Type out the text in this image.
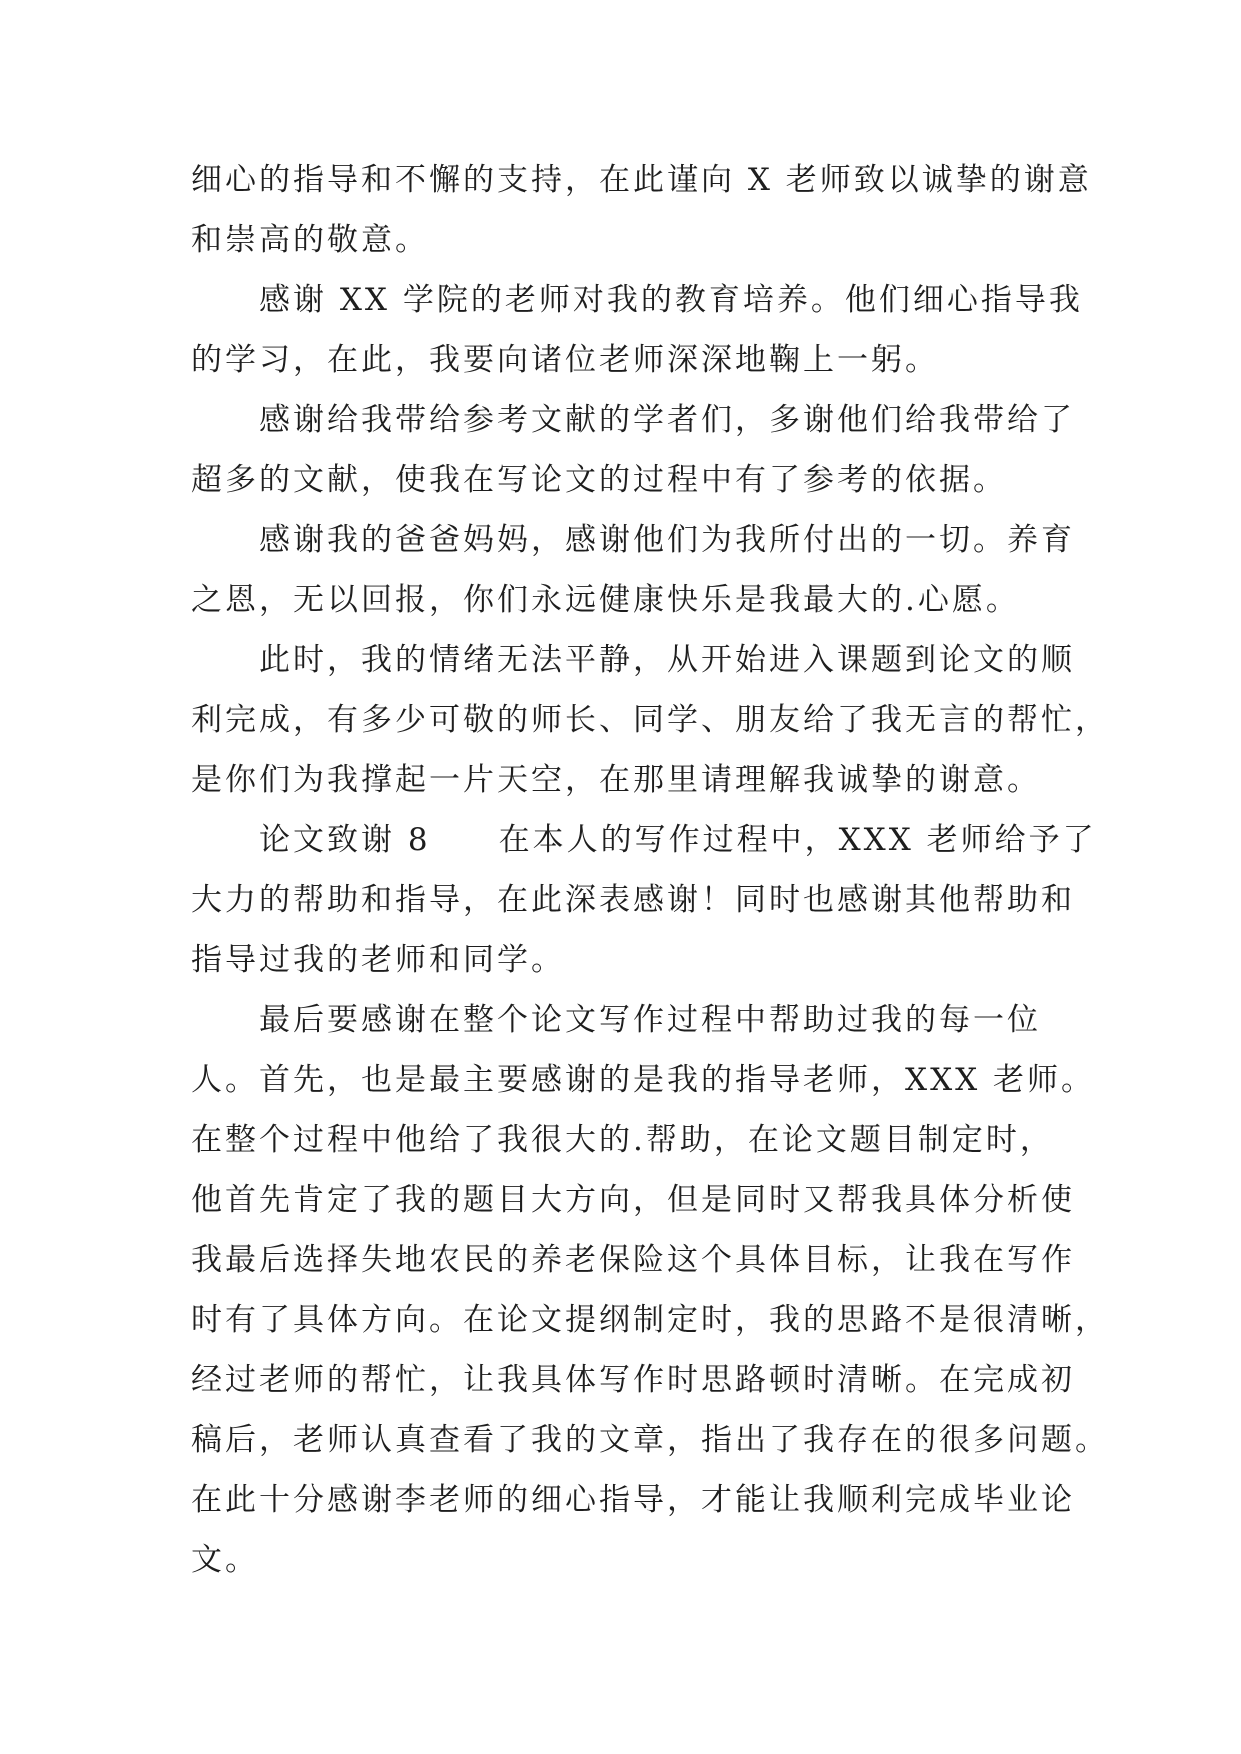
细心的指导和不懈的支持，在此谨向 X 老师致以诚挚的谢意
和崇高的敬意。
　　感谢 XX 学院的老师对我的教育培养。他们细心指导我
的学习，在此，我要向诸位老师深深地鞠上一躬。
　　感谢给我带给参考文献的学者们，多谢他们给我带给了
超多的文献，使我在写论文的过程中有了参考的依据。
　　感谢我的爸爸妈妈，感谢他们为我所付出的一切。养育
之恩，无以回报，你们永远健康快乐是我最大的.心愿。
　　此时，我的情绪无法平静，从开始进入课题到论文的顺
利完成，有多少可敬的师长、同学、朋友给了我无言的帮忙，
是你们为我撑起一片天空，在那里请理解我诚挚的谢意。
　　论文致谢 8　　在本人的写作过程中，XXX 老师给予了
大力的帮助和指导，在此深表感谢！同时也感谢其他帮助和
指导过我的老师和同学。
　　最后要感谢在整个论文写作过程中帮助过我的每一位
人。首先，也是最主要感谢的是我的指导老师，XXX 老师。
在整个过程中他给了我很大的.帮助，在论文题目制定时，
他首先肯定了我的题目大方向，但是同时又帮我具体分析使
我最后选择失地农民的养老保险这个具体目标，让我在写作
时有了具体方向。在论文提纲制定时，我的思路不是很清晰，
经过老师的帮忙，让我具体写作时思路顿时清晰。在完成初
稿后，老师认真查看了我的文章，指出了我存在的很多问题。
在此十分感谢李老师的细心指导，才能让我顺利完成毕业论
文。
